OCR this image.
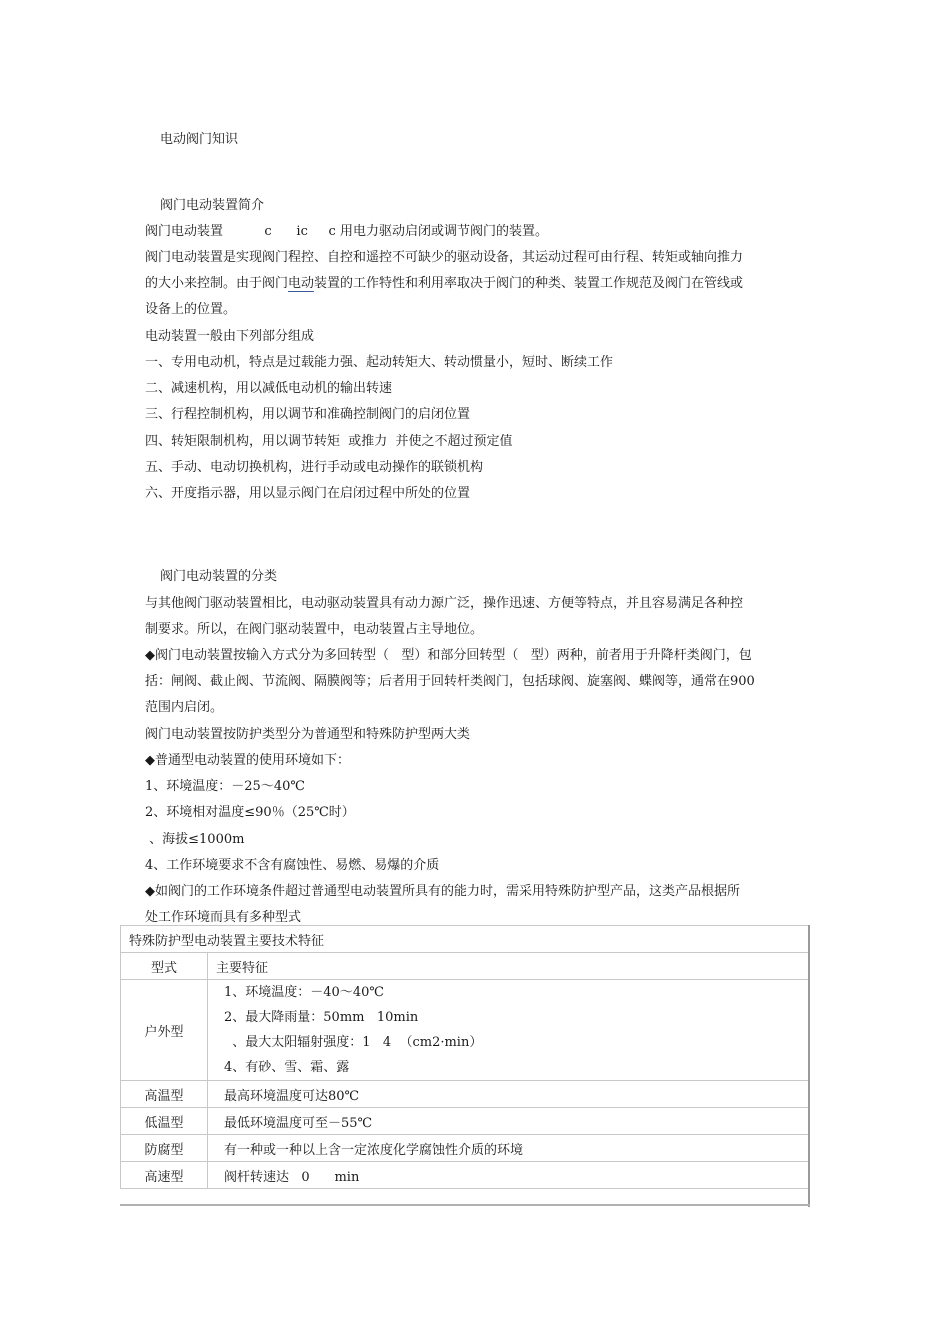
电动阀门知识
阀门电动装置简介
阀门电动装置          c      ic     c 用电力驱动启闭或调节阀门的装置。
阀门电动装置是实现阀门程控、自控和遥控不可缺少的驱动设备，其运动过程可由行程、转矩或轴向推力
的大小来控制。由于阀门电动装置的工作特性和利用率取决于阀门的种类、装置工作规范及阀门在管线或
设备上的位置。
电动装置一般由下列部分组成
一、专用电动机，特点是过载能力强、起动转矩大、转动惯量小，短时、断续工作
二、减速机构，用以减低电动机的输出转速
三、行程控制机构，用以调节和准确控制阀门的启闭位置
四、转矩限制机构，用以调节转矩  或推力  并使之不超过预定值
五、手动、电动切换机构，进行手动或电动操作的联锁机构
六、开度指示器，用以显示阀门在启闭过程中所处的位置
阀门电动装置的分类
与其他阀门驱动装置相比，电动驱动装置具有动力源广泛，操作迅速、方便等特点，并且容易满足各种控
制要求。所以，在阀门驱动装置中，电动装置占主导地位。
◆阀门电动装置按输入方式分为多回转型（   型）和部分回转型（   型）两种，前者用于升降杆类阀门，包
括：闸阀、截止阀、节流阀、隔膜阀等；后者用于回转杆类阀门，包括球阀、旋塞阀、蝶阀等，通常在900
范围内启闭。
阀门电动装置按防护类型分为普通型和特殊防护型两大类
◆普通型电动装置的使用环境如下：
1、环境温度：－25～40℃
2、环境相对温度≤90％（25℃时）
、海拔≤1000m
4、工作环境要求不含有腐蚀性、易燃、易爆的介质
◆如阀门的工作环境条件超过普通型电动装置所具有的能力时，需采用特殊防护型产品，这类产品根据所
处工作环境而具有多种型式
特殊防护型电动装置主要技术特征	
型式	主要特征
户外型	1、环境温度：－40～40℃
2、最大降雨量：50mm   10min
、最大太阳辐射强度：1   4  （cm2·min）
4、有砂、雪、霜、露

高温型	最高环境温度可达80℃
低温型	最低环境温度可至－55℃
防腐型	有一种或一种以上含一定浓度化学腐蚀性介质的环境
高速型	阀杆转速达   0      min
